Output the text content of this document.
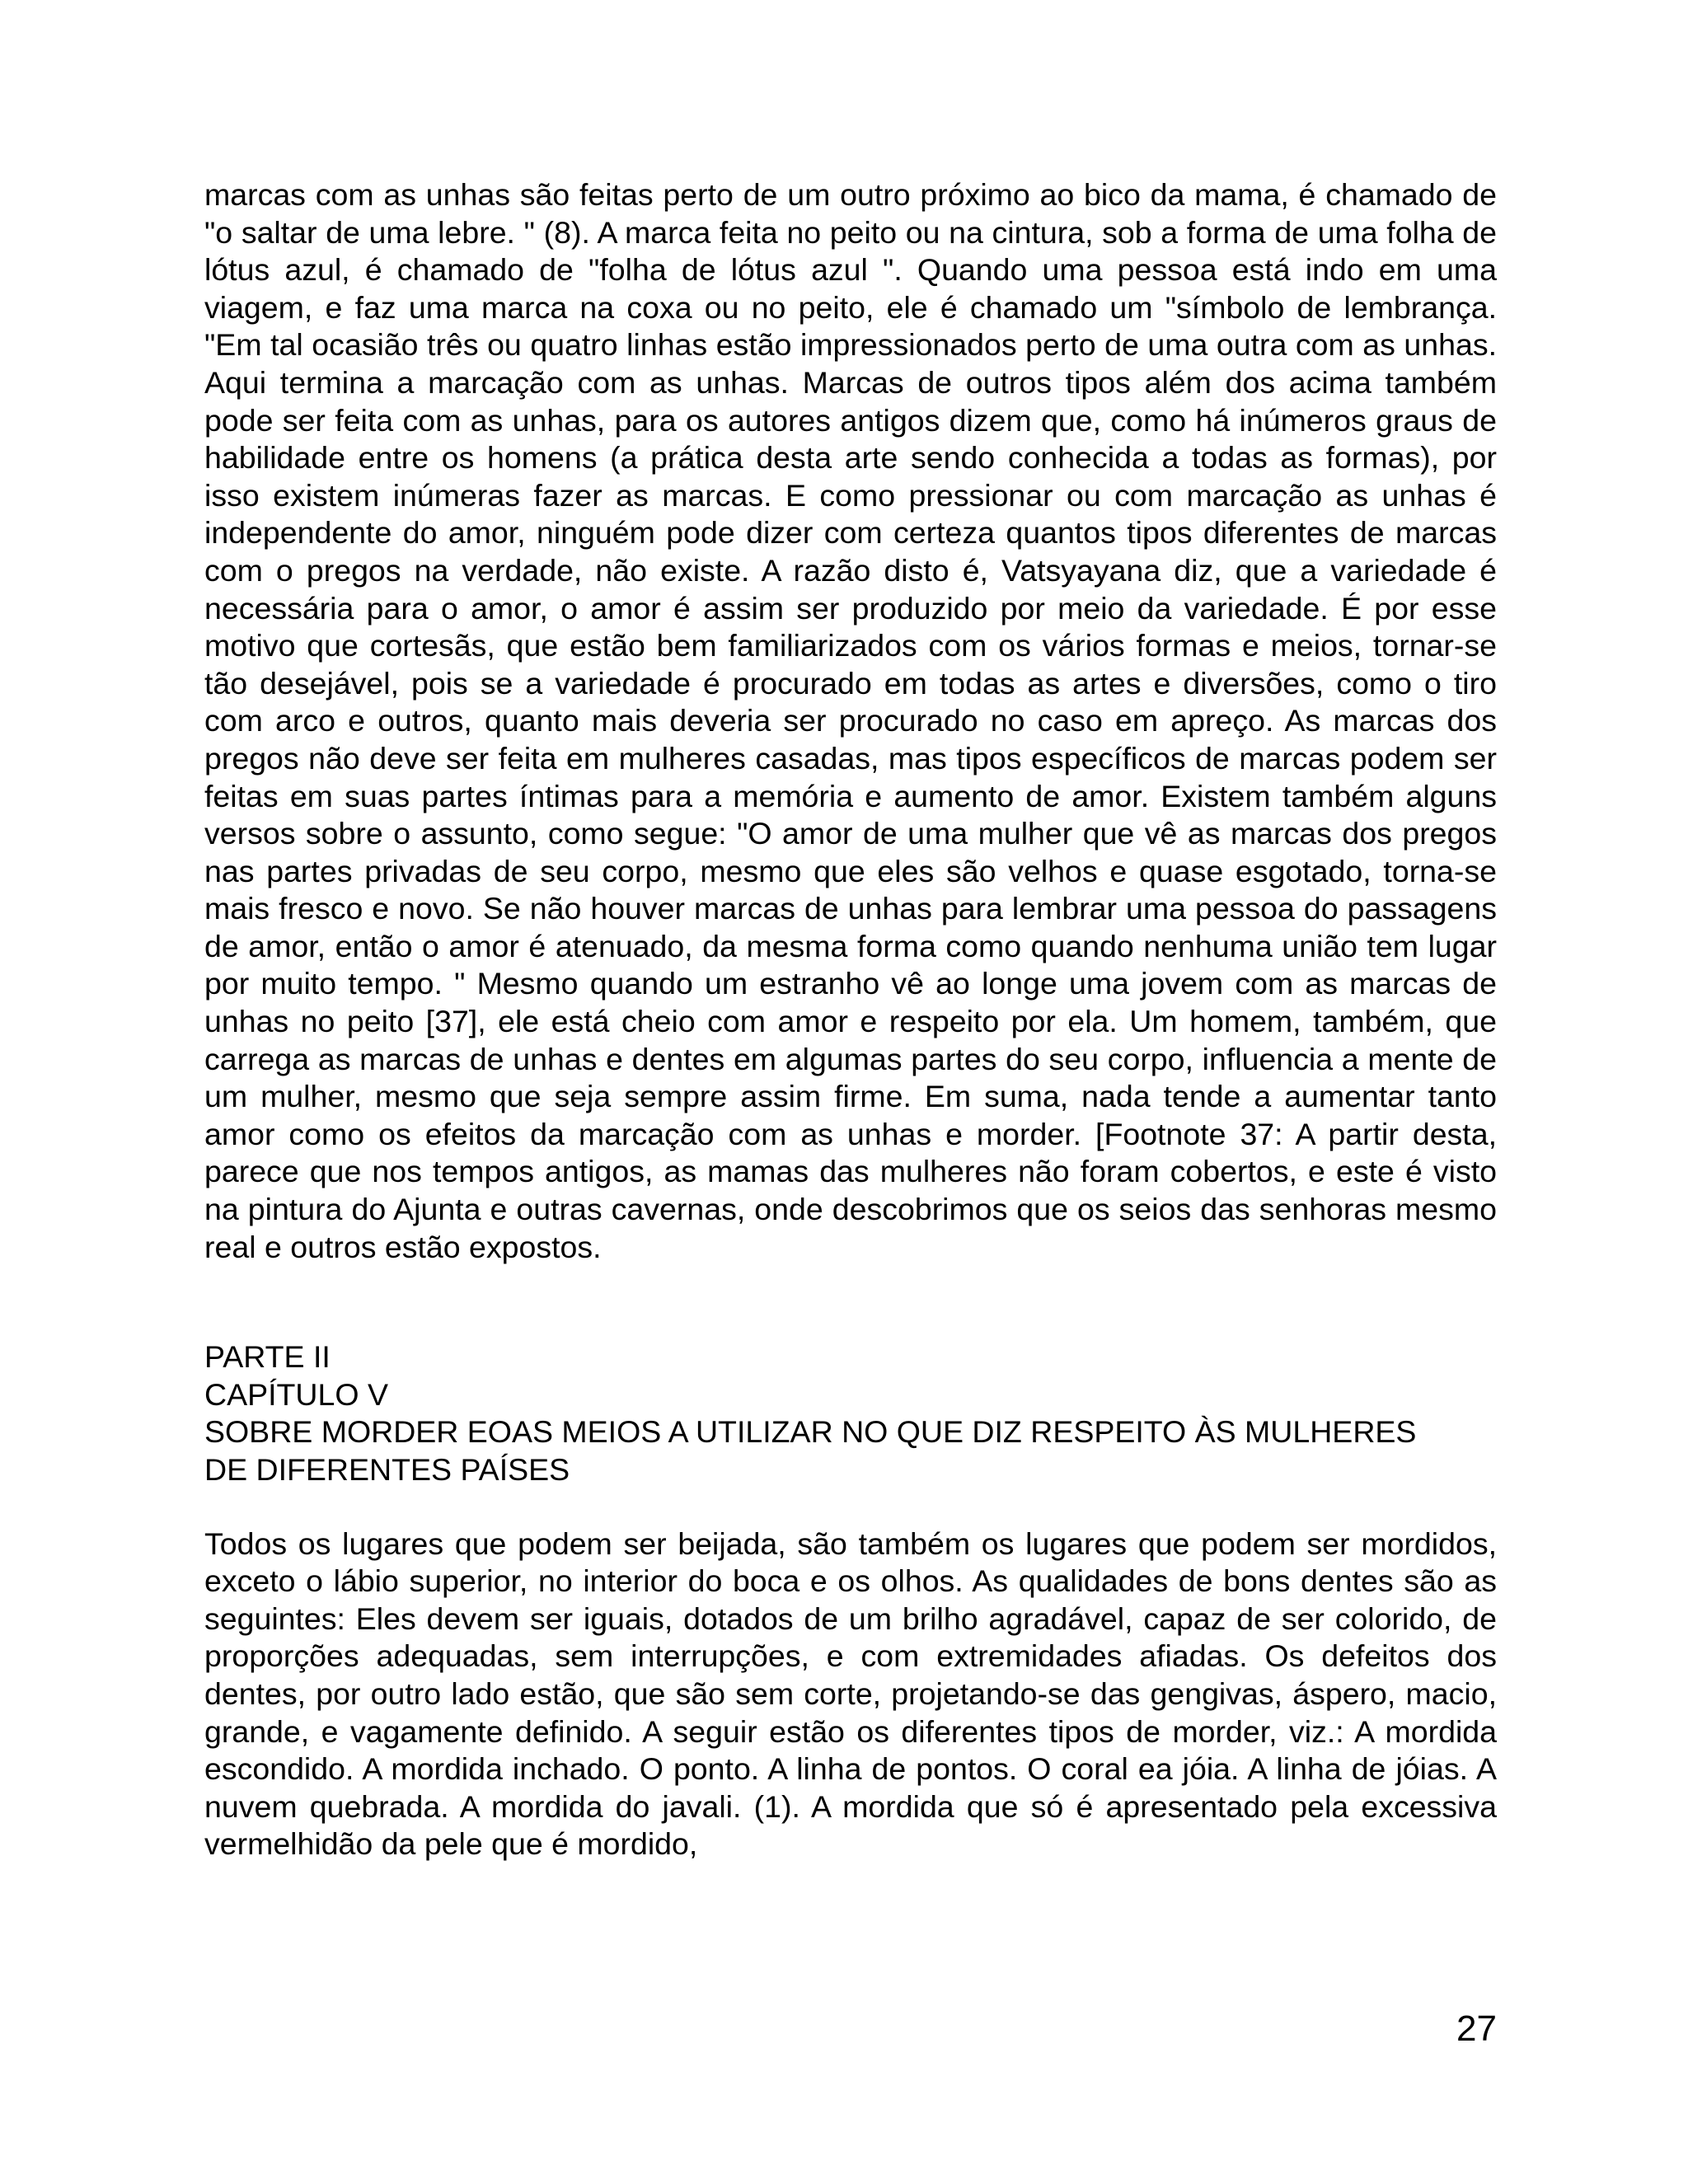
marcas com as unhas são feitas perto de um outro próximo ao bico da mama, é chamado de "o saltar de uma lebre. " (8). A marca feita no peito ou na cintura, sob a forma de uma folha de lótus azul, é chamado de "folha de lótus azul ". Quando uma pessoa está indo em uma viagem, e faz uma marca na coxa ou no peito, ele é chamado um "símbolo de lembrança. "Em tal ocasião três ou quatro linhas estão impressionados perto de uma outra com as unhas. Aqui termina a marcação com as unhas. Marcas de outros tipos além dos acima também pode ser feita com as unhas, para os autores antigos dizem que, como há inúmeros graus de habilidade entre os homens (a prática desta arte sendo conhecida a todas as formas), por isso existem inúmeras fazer as marcas. E como pressionar ou com marcação as unhas é independente do amor, ninguém pode dizer com certeza quantos tipos diferentes de marcas com o pregos na verdade, não existe. A razão disto é, Vatsyayana diz, que a variedade é necessária para o amor, o amor é assim ser produzido por meio da variedade. É por esse motivo que cortesãs, que estão bem familiarizados com os vários formas e meios, tornar-se tão desejável, pois se a variedade é procurado em todas as artes e diversões, como o tiro com arco e outros, quanto mais deveria ser procurado no caso em apreço. As marcas dos pregos não deve ser feita em mulheres casadas, mas tipos específicos de marcas podem ser feitas em suas partes íntimas para a memória e aumento de amor. Existem também alguns versos sobre o assunto, como segue: "O amor de uma mulher que vê as marcas dos pregos nas partes privadas de seu corpo, mesmo que eles são velhos e quase esgotado, torna-se mais fresco e novo. Se não houver marcas de unhas para lembrar uma pessoa do passagens de amor, então o amor é atenuado, da mesma forma como quando nenhuma união tem lugar por muito tempo. " Mesmo quando um estranho vê ao longe uma jovem com as marcas de unhas no peito [37], ele está cheio com amor e respeito por ela. Um homem, também, que carrega as marcas de unhas e dentes em algumas partes do seu corpo, influencia a mente de um mulher, mesmo que seja sempre assim firme. Em suma, nada tende a aumentar tanto amor como os efeitos da marcação com as unhas e morder. [Footnote 37: A partir desta, parece que nos tempos antigos, as mamas das mulheres não foram cobertos, e este é visto na pintura do Ajunta e outras cavernas, onde descobrimos que os seios das senhoras mesmo real e outros estão expostos.

PARTE II
CAPÍTULO V
SOBRE MORDER EOAS MEIOS A UTILIZAR NO QUE DIZ RESPEITO ÀS MULHERES
DE DIFERENTES PAÍSES

Todos os lugares que podem ser beijada, são também os lugares que podem ser mordidos, exceto o lábio superior, no interior do boca e os olhos. As qualidades de bons dentes são as seguintes: Eles devem ser iguais, dotados de um brilho agradável, capaz de ser colorido, de proporções adequadas, sem interrupções, e com extremidades afiadas. Os defeitos dos dentes, por outro lado estão, que são sem corte, projetando-se das gengivas, áspero, macio, grande, e vagamente definido. A seguir estão os diferentes tipos de morder, viz.: A mordida escondido. A mordida inchado. O ponto. A linha de pontos. O coral ea jóia. A linha de jóias. A nuvem quebrada. A mordida do javali. (1). A mordida que só é apresentado pela excessiva vermelhidão da pele que é mordido,

27
